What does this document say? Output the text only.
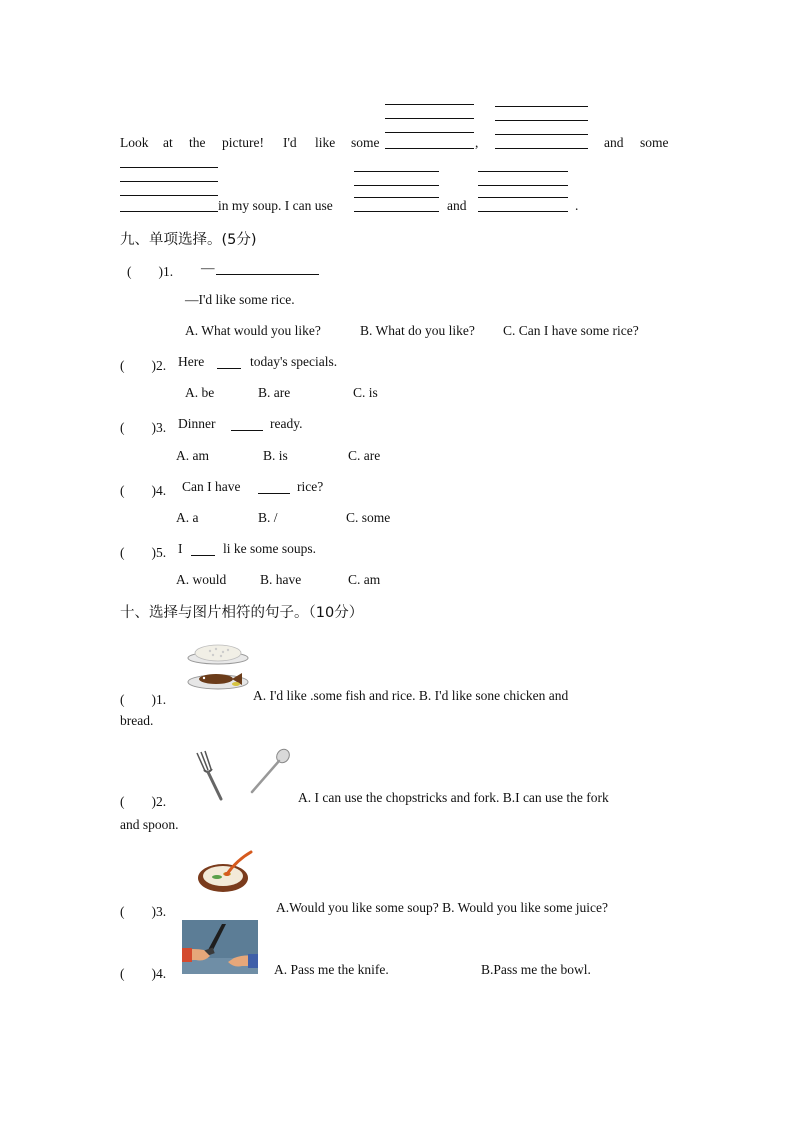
Look at the picture! I'd like some	,	and some
in my soup. I can use	and	.
九、单项选择。(5分)
(　　)1. —
—I'd like some rice.
A. What would you like?	B. What do you like? C. Can I have some rice?
(　　)2. Here	today's specials.
A. be	B. are	C. is
(　　)3. Dinner	ready.
A. am	B. is	C. are
(　　)4. Can I have	rice?
A. a	B. /	C. some
(　　)5. I	li ke some soups.
A. would	B. have	C. am
十、选择与图片相符的句子。（10分）
(　　)1.	A. I'd like .some fish and rice. B. I'd like sone chicken and
bread.
(　　)2.	A. I can use the chopstricks and fork. B.I can use the fork
and spoon.
(　　)3.	A.Would you like some soup? B. Would you like some juice?
(　　)4.	A. Pass me the knife.	B.Pass me the bowl.
